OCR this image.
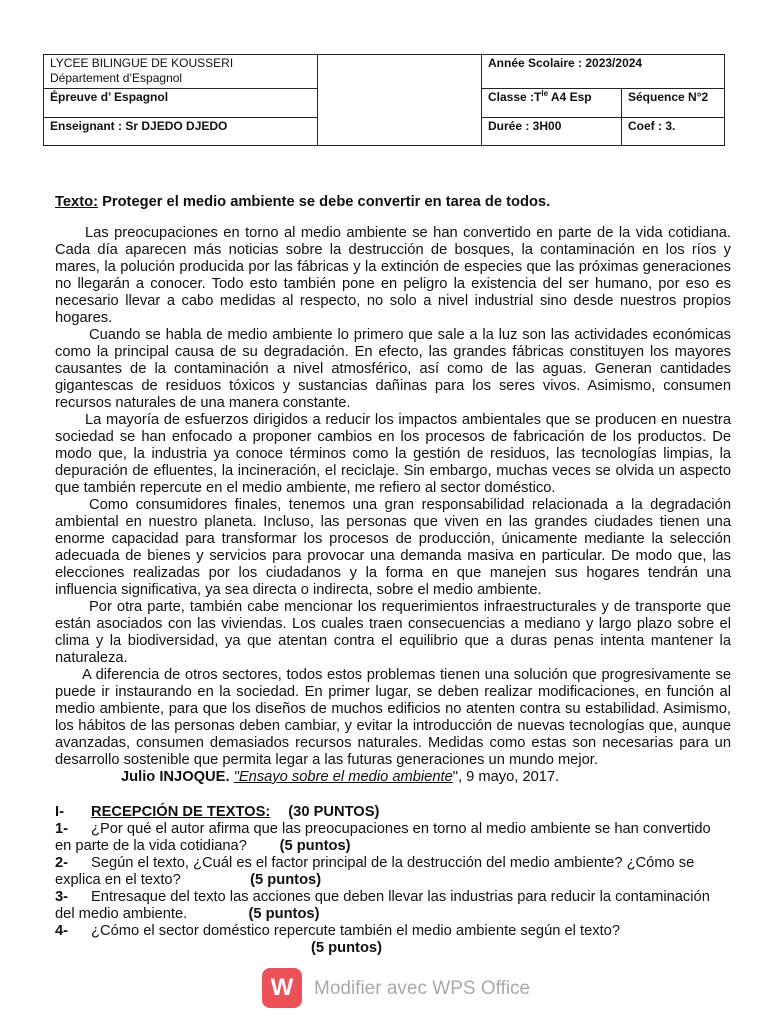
LYCEE BILINGUE DE KOUSSERI
Département d’Espagnol		Année Scolaire : 2023/2024	
Épreuve d’ Espagnol		Classe $:T^{le}$ A4 Esp	Séquence N°2
Enseignant : Sr DJEDO DJEDO		Durée : 3H00	Coef : 3.

Texto: Proteger el medio ambiente se debe convertir en tarea de todos.

Las preocupaciones en torno al medio ambiente se han convertido en parte de la vida cotidiana. Cada día aparecen más noticias sobre la destrucción de bosques, la contaminación en los ríos y mares, la polución producida por las fábricas y la extinción de especies que las próximas generaciones no llegarán a conocer. Todo esto también pone en peligro la existencia del ser humano, por eso es necesario llevar a cabo medidas al respecto, no solo a nivel industrial sino desde nuestros propios hogares.

Cuando se habla de medio ambiente lo primero que sale a la luz son las actividades económicas como la principal causa de su degradación. En efecto, las grandes fábricas constituyen los mayores causantes de la contaminación a nivel atmosférico, así como de las aguas. Generan cantidades gigantescas de residuos tóxicos y sustancias dañinas para los seres vivos. Asimismo, consumen recursos naturales de una manera constante.

La mayoría de esfuerzos dirigidos a reducir los impactos ambientales que se producen en nuestra sociedad se han enfocado a proponer cambios en los procesos de fabricación de los productos. De modo que, la industria ya conoce términos como la gestión de residuos, las tecnologías limpias, la depuración de efluentes, la incineración, el reciclaje. Sin embargo, muchas veces se olvida un aspecto que también repercute en el medio ambiente, me refiero al sector doméstico.

Como consumidores finales, tenemos una gran responsabilidad relacionada a la degradación ambiental en nuestro planeta. Incluso, las personas que viven en las grandes ciudades tienen una enorme capacidad para transformar los procesos de producción, únicamente mediante la selección adecuada de bienes y servicios para provocar una demanda masiva en particular. De modo que, las elecciones realizadas por los ciudadanos y la forma en que manejen sus hogares tendrán una influencia significativa, ya sea directa o indirecta, sobre el medio ambiente.

Por otra parte, también cabe mencionar los requerimientos infraestructurales y de transporte que están asociados con las viviendas. Los cuales traen consecuencias a mediano y largo plazo sobre el clima y la biodiversidad, ya que atentan contra el equilibrio que a duras penas intenta mantener la naturaleza.

A diferencia de otros sectores, todos estos problemas tienen una solución que progresivamente se puede ir instaurando en la sociedad. En primer lugar, se deben realizar modificaciones, en función al medio ambiente, para que los diseños de muchos edificios no atenten contra su estabilidad. Asimismo, los hábitos de las personas deben cambiar, y evitar la introducción de nuevas tecnologías que, aunque avanzadas, consumen demasiados recursos naturales. Medidas como estas son necesarias para un desarrollo sostenible que permita legar a las futuras generaciones un mundo mejor.

Julio INJOQUE. "Ensayo sobre el medio ambiente", 9 mayo, 2017.

I- RECEPCIÓN DE TEXTOS: (30 PUNTOS)

1- ¿Por qué el autor afirma que las preocupaciones en torno al medio ambiente se han convertido en parte de la vida cotidiana? (5 puntos)

2- Según el texto, ¿Cuál es el factor principal de la destrucción del medio ambiente? ¿Cómo se explica en el texto?	(5 puntos)

3- Entresaque del texto las acciones que deben llevar las industrias para reducir la contaminación del medio ambiente.	(5 puntos)

4- ¿Cómo el sector doméstico repercute también el medio ambiente según el texto?
(5 puntos)

W	Modifier avec WPS Office
